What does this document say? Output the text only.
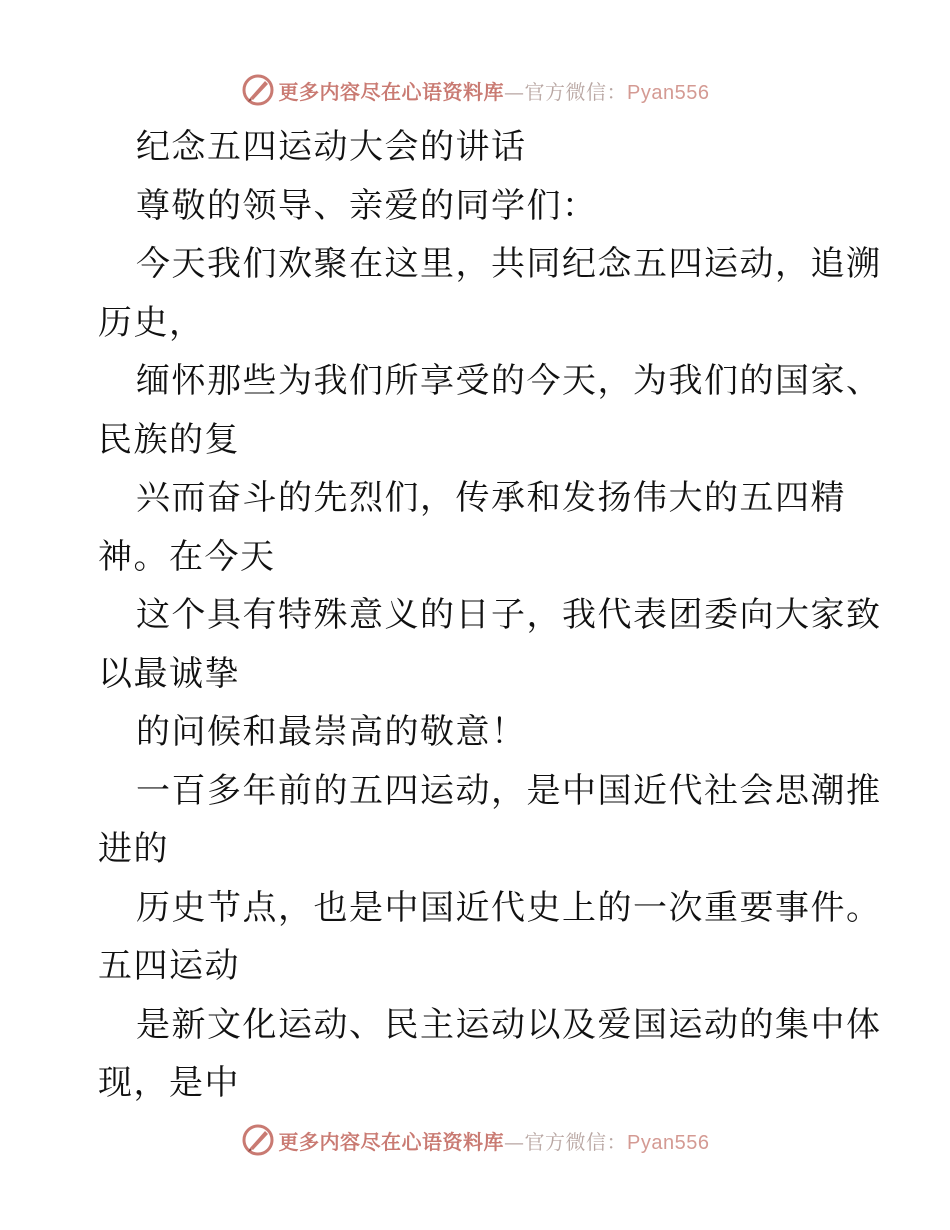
更多内容尽在心语资料库—官方微信：Pyan556
纪念五四运动大会的讲话
尊敬的领导、亲爱的同学们：
今天我们欢聚在这里，共同纪念五四运动，追溯
历史，
缅怀那些为我们所享受的今天，为我们的国家、
民族的复
兴而奋斗的先烈们，传承和发扬伟大的五四精
神。在今天
这个具有特殊意义的日子，我代表团委向大家致
以最诚挚
的问候和最崇高的敬意！
一百多年前的五四运动，是中国近代社会思潮推
进的
历史节点，也是中国近代史上的一次重要事件。
五四运动
是新文化运动、民主运动以及爱国运动的集中体
现，是中
更多内容尽在心语资料库—官方微信：Pyan556
